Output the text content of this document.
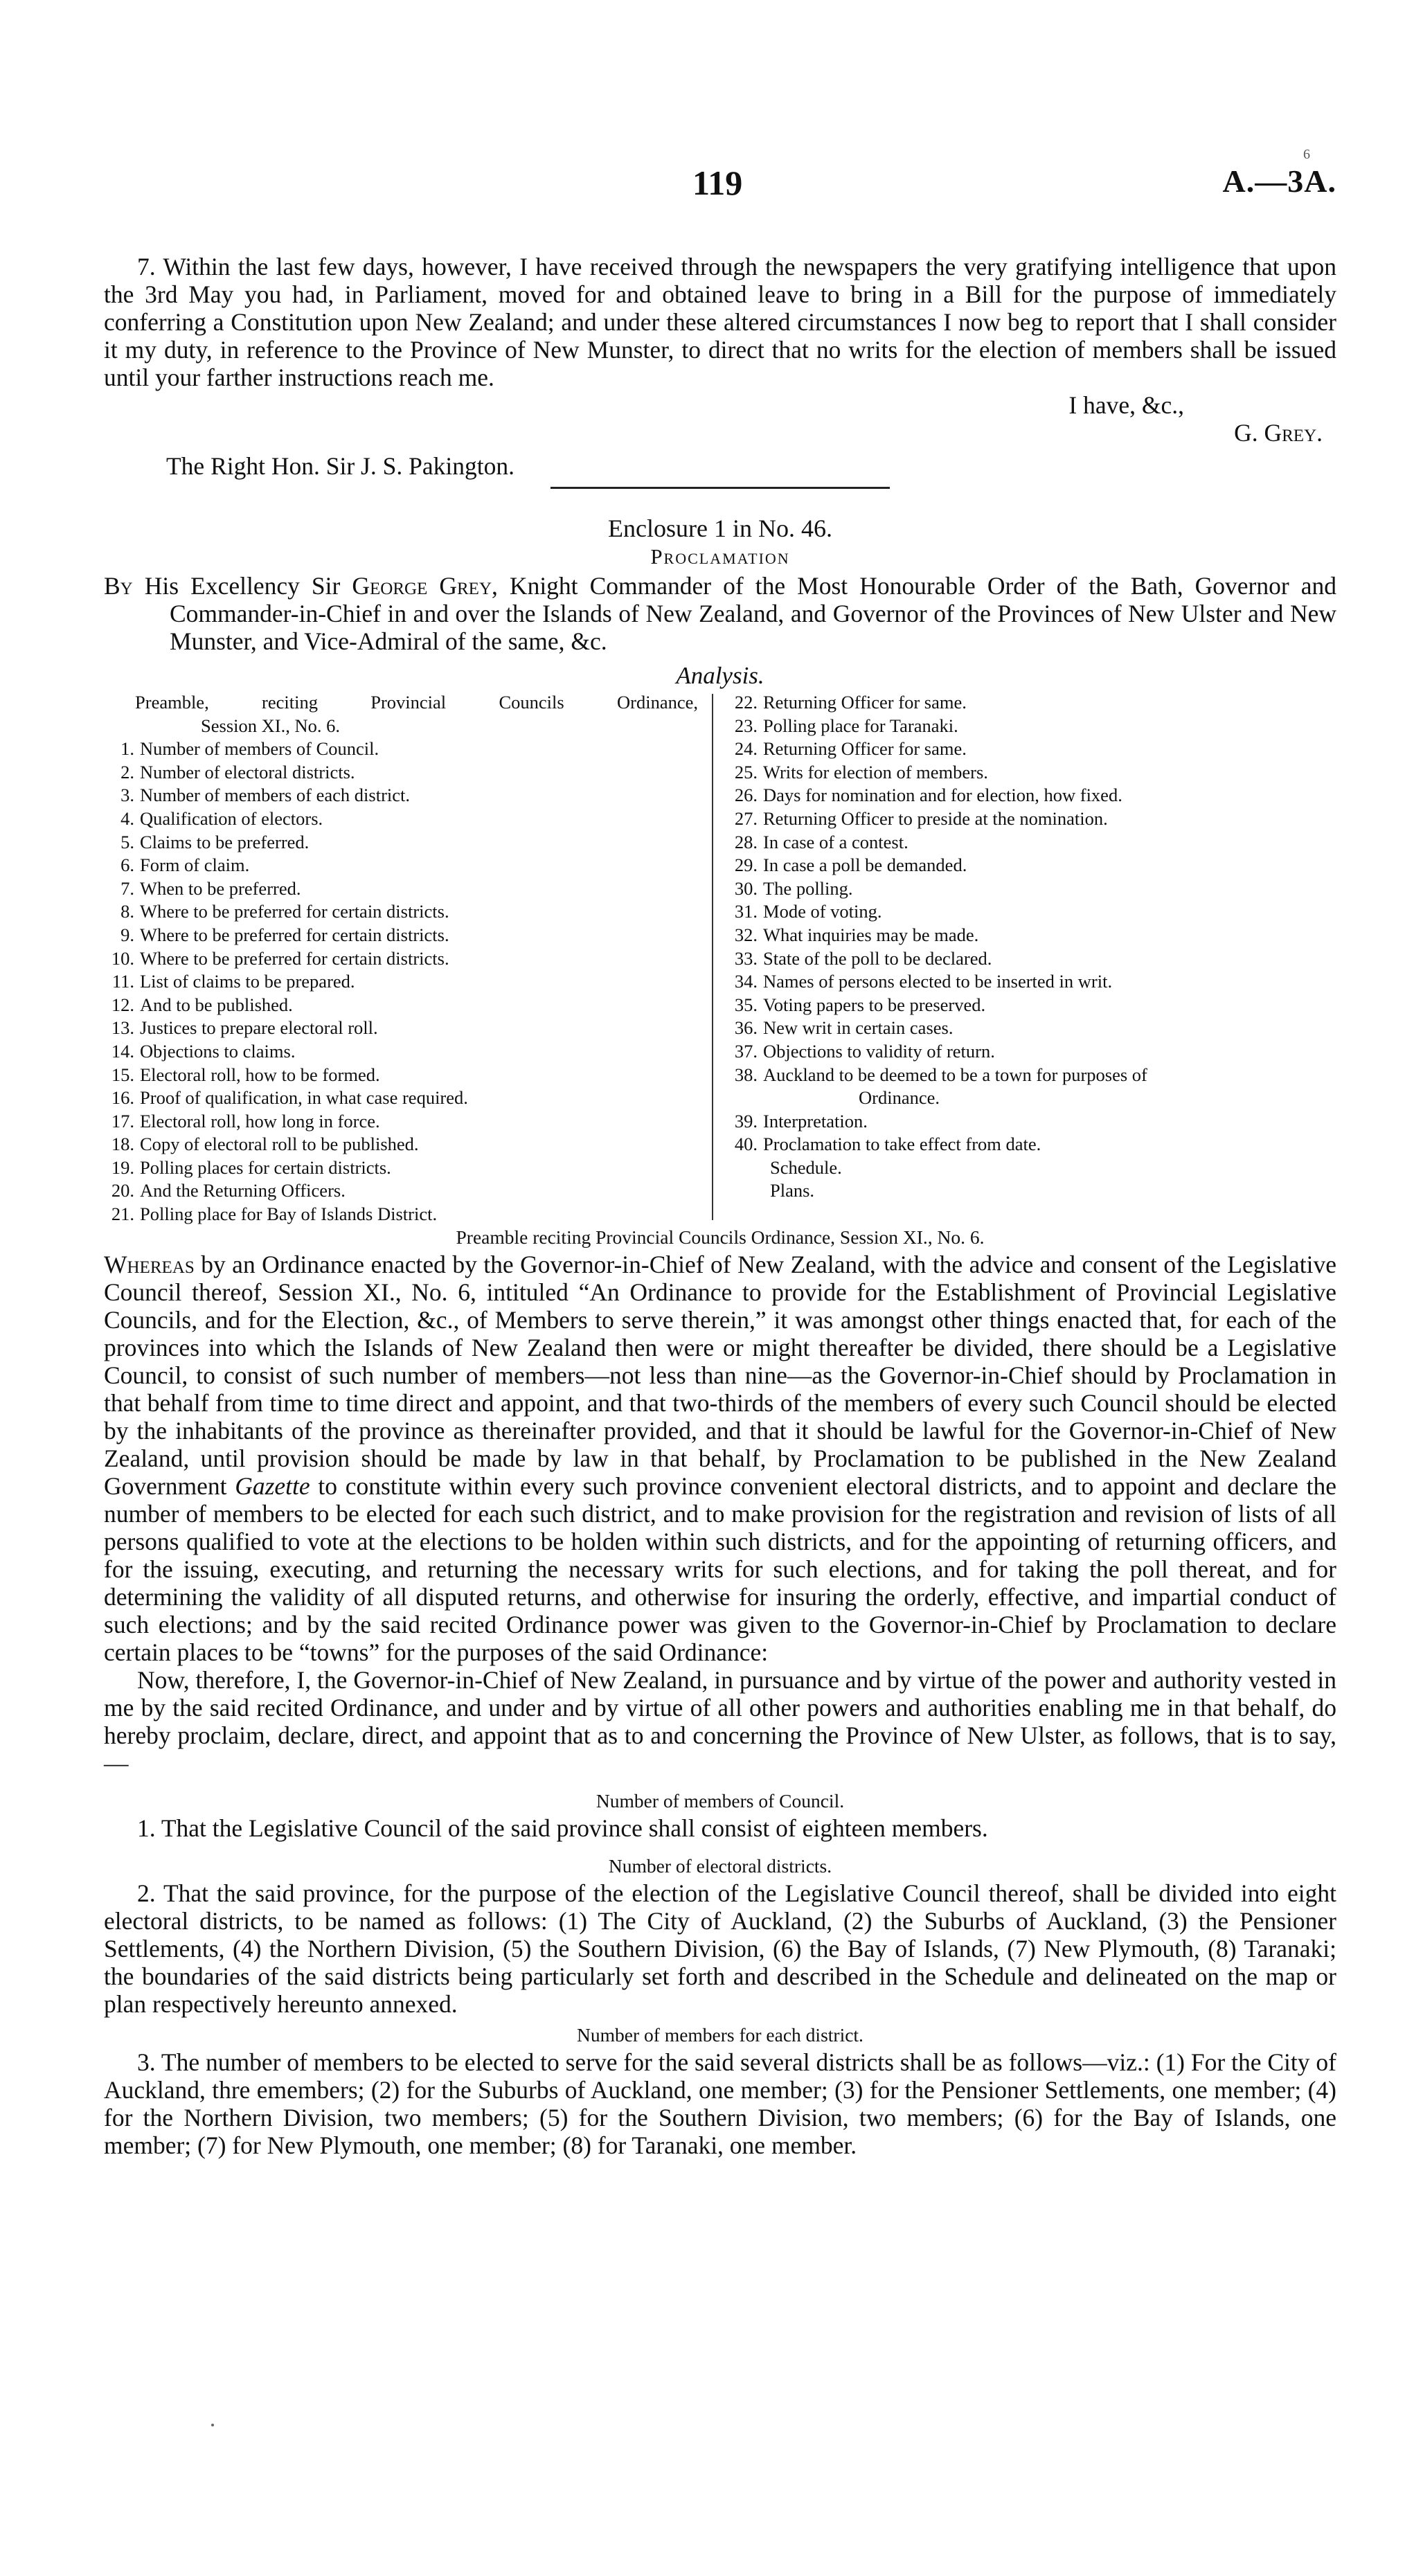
6
119	A.—3A.

7. Within the last few days, however, I have received through the newspapers the very gratifying intelligence that upon the 3rd May you had, in Parliament, moved for and obtained leave to bring in a Bill for the purpose of immediately conferring a Constitution upon New Zealand; and under these altered circumstances I now beg to report that I shall consider it my duty, in reference to the Province of New Munster, to direct that no writs for the election of members shall be issued until your farther instructions reach me.

I have, &c.,
G. Grey.
The Right Hon. Sir J. S. Pakington.
Enclosure 1 in No. 46.
Proclamation

By His Excellency Sir George Grey, Knight Commander of the Most Honourable Order of the Bath, Governor and Commander-in-Chief in and over the Islands of New Zealand, and Governor of the Provinces of New Ulster and New Munster, and Vice-Admiral of the same, &c.

Analysis.
Preamble, reciting Provincial Councils Ordinance,
Session XI., No. 6.
1. Number of members of Council.
2. Number of electoral districts.
3. Number of members of each district.
4. Qualification of electors.
5. Claims to be preferred.
6. Form of claim.
7. When to be preferred.
8. Where to be preferred for certain districts.
9. Where to be preferred for certain districts.
10. Where to be preferred for certain districts.
11. List of claims to be prepared.
12. And to be published.
13. Justices to prepare electoral roll.
14. Objections to claims.
15. Electoral roll, how to be formed.
16. Proof of qualification, in what case required.
17. Electoral roll, how long in force.
18. Copy of electoral roll to be published.
19. Polling places for certain districts.
20. And the Returning Officers.
21. Polling place for Bay of Islands District.
22. Returning Officer for same.
23. Polling place for Taranaki.
24. Returning Officer for same.
25. Writs for election of members.
26. Days for nomination and for election, how fixed.
27. Returning Officer to preside at the nomination.
28. In case of a contest.
29. In case a poll be demanded.
30. The polling.
31. Mode of voting.
32. What inquiries may be made.
33. State of the poll to be declared.
34. Names of persons elected to be inserted in writ.
35. Voting papers to be preserved.
36. New writ in certain cases.
37. Objections to validity of return.
38. Auckland to be deemed to be a town for purposes of
Ordinance.
39. Interpretation.
40. Proclamation to take effect from date.
Schedule.
Plans.
Preamble reciting Provincial Councils Ordinance, Session XI., No. 6.

Whereas by an Ordinance enacted by the Governor-in-Chief of New Zealand, with the advice and consent of the Legislative Council thereof, Session XI., No. 6, intituled “An Ordinance to provide for the Establishment of Provincial Legislative Councils, and for the Election, &c., of Members to serve therein,” it was amongst other things enacted that, for each of the provinces into which the Islands of New Zealand then were or might thereafter be divided, there should be a Legislative Council, to consist of such number of members—not less than nine—as the Governor-in-Chief should by Proclamation in that behalf from time to time direct and appoint, and that two-thirds of the members of every such Council should be elected by the inhabitants of the province as thereinafter provided, and that it should be lawful for the Governor-in-Chief of New Zealand, until provision should be made by law in that behalf, by Proclamation to be published in the New Zealand Government Gazette to constitute within every such province convenient electoral districts, and to appoint and declare the number of members to be elected for each such district, and to make provision for the registration and revision of lists of all persons qualified to vote at the elections to be holden within such districts, and for the appointing of returning officers, and for the issuing, executing, and returning the necessary writs for such elections, and for taking the poll thereat, and for determining the validity of all disputed returns, and otherwise for insuring the orderly, effective, and impartial conduct of such elections; and by the said recited Ordinance power was given to the Governor-in-Chief by Proclamation to declare certain places to be “towns” for the purposes of the said Ordinance:

Now, therefore, I, the Governor-in-Chief of New Zealand, in pursuance and by virtue of the power and authority vested in me by the said recited Ordinance, and under and by virtue of all other powers and authorities enabling me in that behalf, do hereby proclaim, declare, direct, and appoint that as to and concerning the Province of New Ulster, as follows, that is to say,—

Number of members of Council.

1. That the Legislative Council of the said province shall consist of eighteen members.

Number of electoral districts.

2. That the said province, for the purpose of the election of the Legislative Council thereof, shall be divided into eight electoral districts, to be named as follows: (1) The City of Auckland, (2) the Suburbs of Auckland, (3) the Pensioner Settlements, (4) the Northern Division, (5) the Southern Division, (6) the Bay of Islands, (7) New Plymouth, (8) Taranaki; the boundaries of the said districts being particularly set forth and described in the Schedule and delineated on the map or plan respectively hereunto annexed.

Number of members for each district.

3. The number of members to be elected to serve for the said several districts shall be as follows—viz.: (1) For the City of Auckland, thre emembers; (2) for the Suburbs of Auckland, one member; (3) for the Pensioner Settlements, one member; (4) for the Northern Division, two members; (5) for the Southern Division, two members; (6) for the Bay of Islands, one member; (7) for New Plymouth, one member; (8) for Taranaki, one member.
